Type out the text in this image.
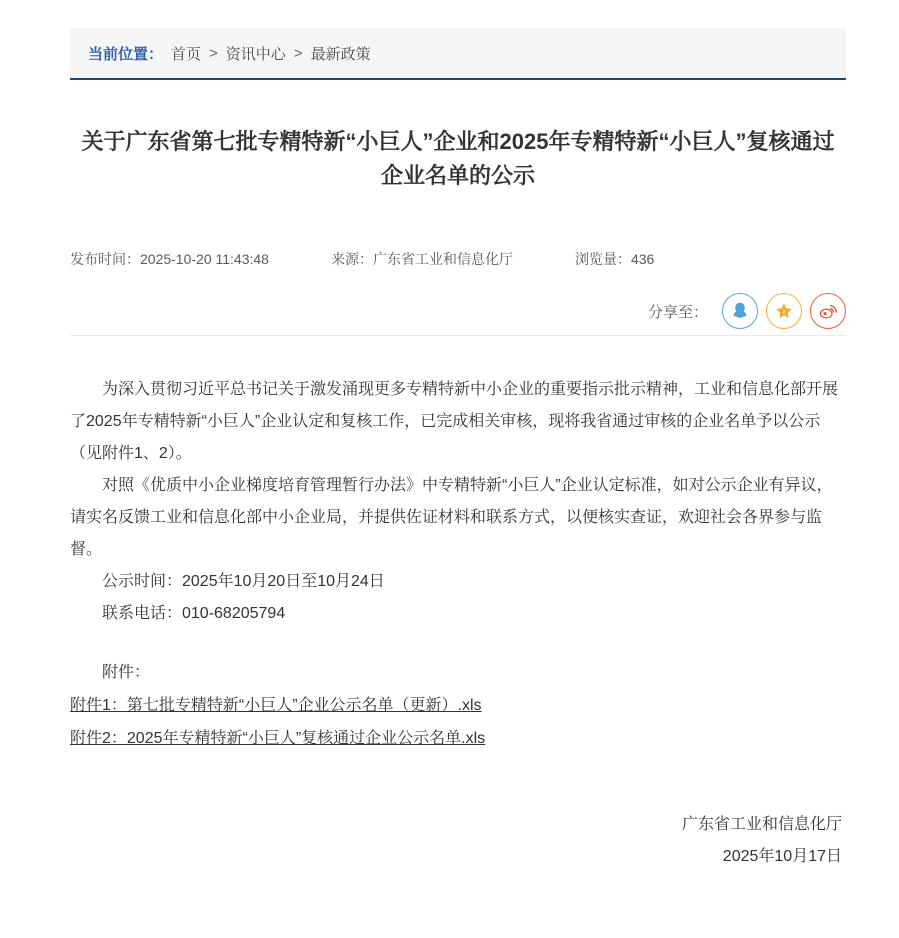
当前位置： 首页 > 资讯中心 > 最新政策
关于广东省第七批专精特新“小巨人”企业和2025年专精特新“小巨人”复核通过企业名单的公示
发布时间：2025-10-20 11:43:48	来源：广东省工业和信息化厅	浏览量：436
分享至：	z

为深入贯彻习近平总书记关于激发涌现更多专精特新中小企业的重要指示批示精神，工业和信息化部开展了2025年专精特新“小巨人”企业认定和复核工作，已完成相关审核，现将我省通过审核的企业名单予以公示（见附件1、2）。

对照《优质中小企业梯度培育管理暂行办法》中专精特新“小巨人”企业认定标准，如对公示企业有异议，请实名反馈工业和信息化部中小企业局，并提供佐证材料和联系方式，以便核实查证，欢迎社会各界参与监督。

公示时间：2025年10月20日至10月24日

联系电话：010-68205794

附件：

附件1：第七批专精特新“小巨人”企业公示名单（更新）.xls
附件2：2025年专精特新“小巨人”复核通过企业公示名单.xls
广东省工业和信息化厅
2025年10月17日
